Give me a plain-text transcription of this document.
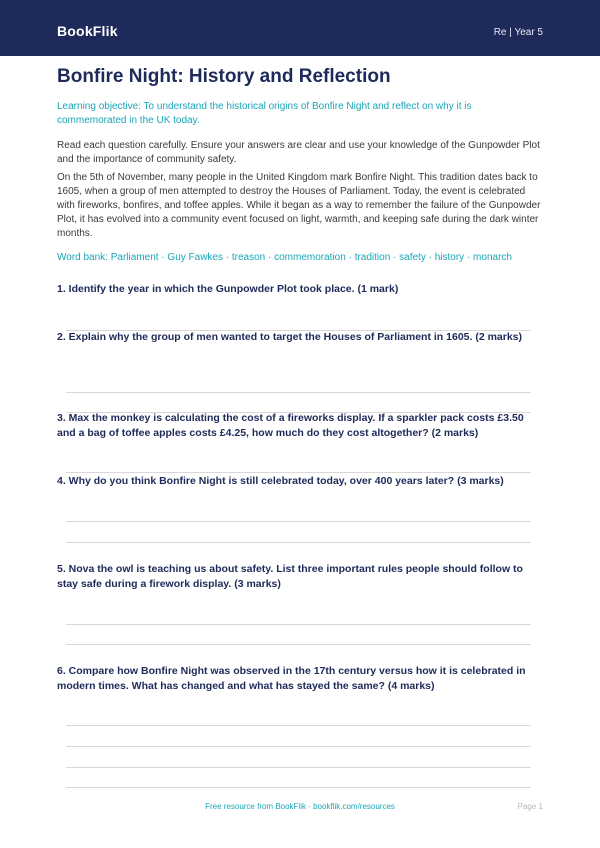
BookFlik	Re | Year 5
Bonfire Night: History and Reflection

Learning objective: To understand the historical origins of Bonfire Night and reflect on why it is commemorated in the UK today.

Read each question carefully. Ensure your answers are clear and use your knowledge of the Gunpowder Plot and the importance of community safety.

On the 5th of November, many people in the United Kingdom mark Bonfire Night. This tradition dates back to 1605, when a group of men attempted to destroy the Houses of Parliament. Today, the event is celebrated with fireworks, bonfires, and toffee apples. While it began as a way to remember the failure of the Gunpowder Plot, it has evolved into a community event focused on light, warmth, and keeping safe during the dark winter months.

Word bank: Parliament · Guy Fawkes · treason · commemoration · tradition · safety · history · monarch

1. Identify the year in which the Gunpowder Plot took place. (1 mark)

2. Explain why the group of men wanted to target the Houses of Parliament in 1605. (2 marks)

3. Max the monkey is calculating the cost of a fireworks display. If a sparkler pack costs £3.50 and a bag of toffee apples costs £4.25, how much do they cost altogether? (2 marks)

4. Why do you think Bonfire Night is still celebrated today, over 400 years later? (3 marks)

5. Nova the owl is teaching us about safety. List three important rules people should follow to stay safe during a firework display. (3 marks)

6. Compare how Bonfire Night was observed in the 17th century versus how it is celebrated in modern times. What has changed and what has stayed the same? (4 marks)

Free resource from BookFlik · bookflik.com/resources	Page 1
